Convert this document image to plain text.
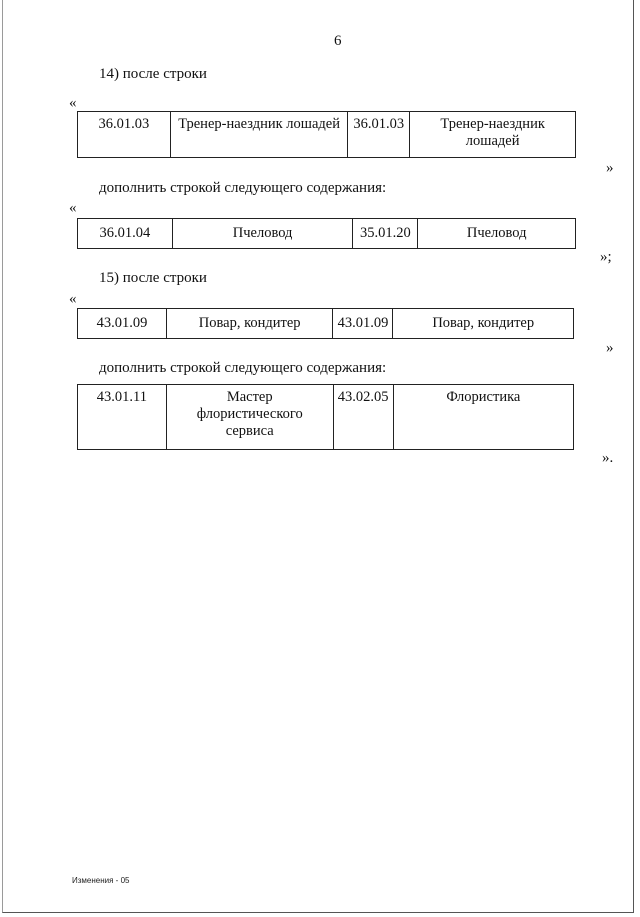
6
14) после строки
«
36.01.03	Тренер-наездник лошадей	36.01.03	Тренер-наездник лошадей
»
дополнить строкой следующего содержания:
«
36.01.04	Пчеловод	35.01.20	Пчеловод
»;
15) после строки
«
43.01.09	Повар, кондитер	43.01.09	Повар, кондитер
»
дополнить строкой следующего содержания:
43.01.11	Мастер флористического сервиса	43.02.05	Флористика
».
Изменения - 05
